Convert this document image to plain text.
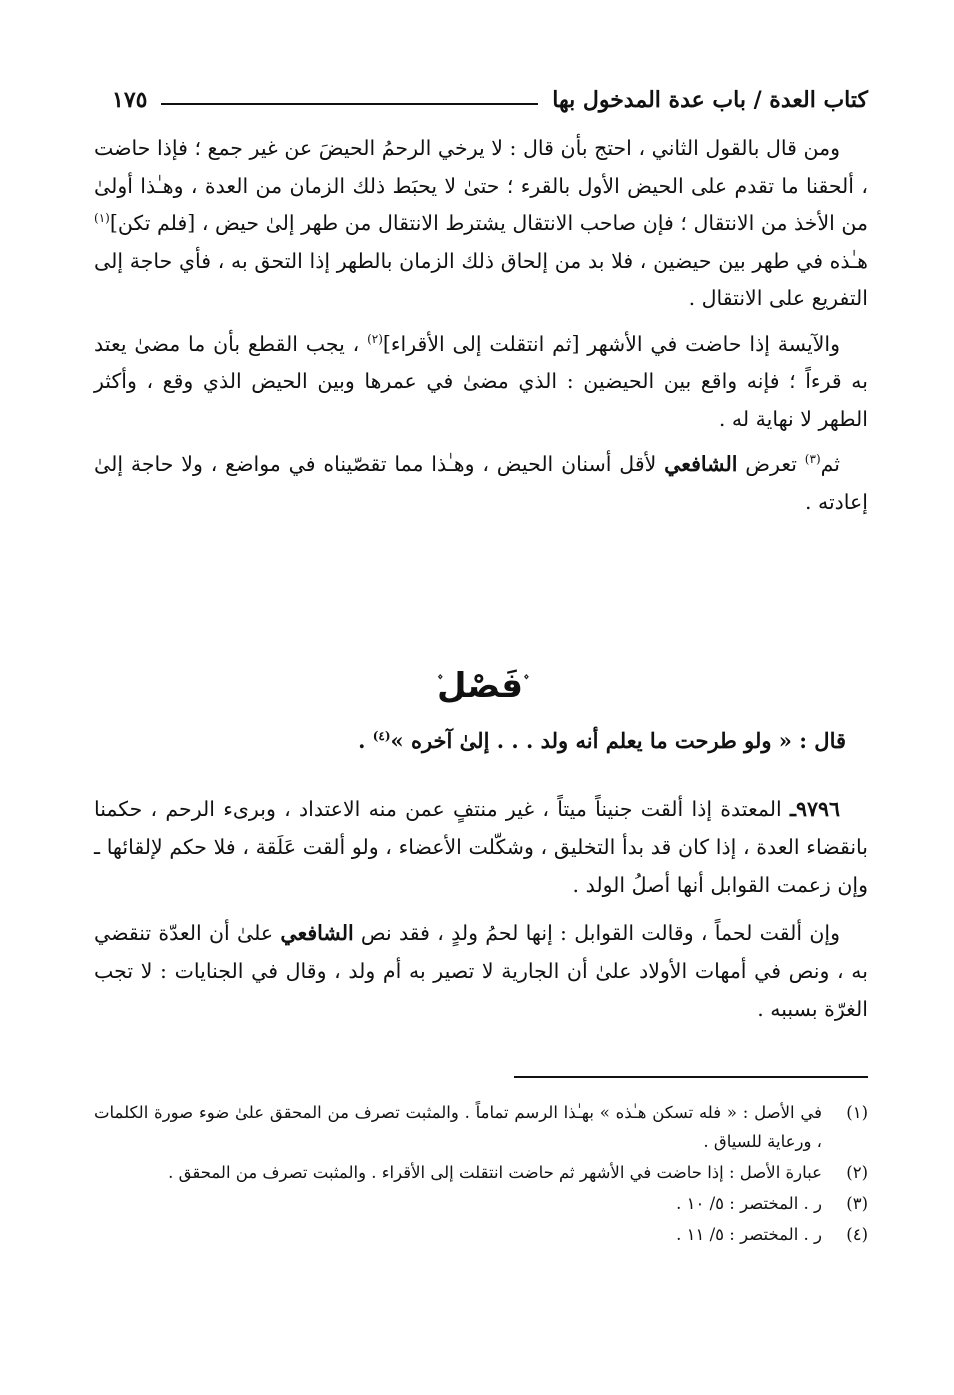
كتاب العدة / باب عدة المدخول بها
١٧٥

ومن قال بالقول الثاني ، احتج بأن قال : لا يرخي الرحمُ الحيضَ عن غير جمع ؛ فإذا حاضت ، ألحقنا ما تقدم على الحيض الأول بالقرء ؛ حتىٰ لا يحبَط ذلك الزمان من العدة ، وهـٰذا أولىٰ من الأخذ من الانتقال ؛ فإن صاحب الانتقال يشترط الانتقال من طهر إلىٰ حيض ، [فلم تكن]$^{(١)}$ هـٰذه في طهر بين حيضين ، فلا بد من إلحاق ذلك الزمان بالطهر إذا التحق به ، فأي حاجة إلى التفريع على الانتقال .

والآيسة إذا حاضت في الأشهر [ثم انتقلت إلى الأقراء]$^{(٢)}$ ، يجب القطع بأن ما مضىٰ يعتد به قرءاً ؛ فإنه واقع بين الحيضين : الذي مضىٰ في عمرها وبين الحيض الذي وقع ، وأكثر الطهر لا نهاية له .

ثم$^{(٣)}$ تعرض الشافعي لأقل أسنان الحيض ، وهـٰذا مما تقصّيناه في مواضع ، ولا حاجة إلىٰ إعادته .

فَصْل
قال : « ولو طرحت ما يعلم أنه ولد . . . إلىٰ آخره »$^{(٤)}$ .

٩٧٩٦ـ المعتدة إذا ألقت جنيناً ميتاً ، غير منتفٍ عمن منه الاعتداد ، وبرىء الرحم ، حكمنا بانقضاء العدة ، إذا كان قد بدأ التخليق ، وشكّلت الأعضاء ، ولو ألقت عَلَقة ، فلا حكم لإلقائها ـ وإن زعمت القوابل أنها أصلُ الولد .

وإن ألقت لحماً ، وقالت القوابل : إنها لحمُ ولدٍ ، فقد نص الشافعي علىٰ أن العدّة تنقضي به ، ونص في أمهات الأولاد علىٰ أن الجارية لا تصير به أم ولد ، وقال في الجنايات : لا تجب الغرّة بسببه .

(١)
في الأصل : « فله تسكن هـٰذه » بهـٰذا الرسم تماماً . والمثبت تصرف من المحقق علىٰ ضوء صورة الكلمات ، ورعاية للسياق .
(٢)
عبارة الأصل : إذا حاضت في الأشهر ثم حاضت انتقلت إلى الأقراء . والمثبت تصرف من المحقق .
(٣)
ر . المختصر : ٥/ ١٠ .
(٤)
ر . المختصر : ٥/ ١١ .
